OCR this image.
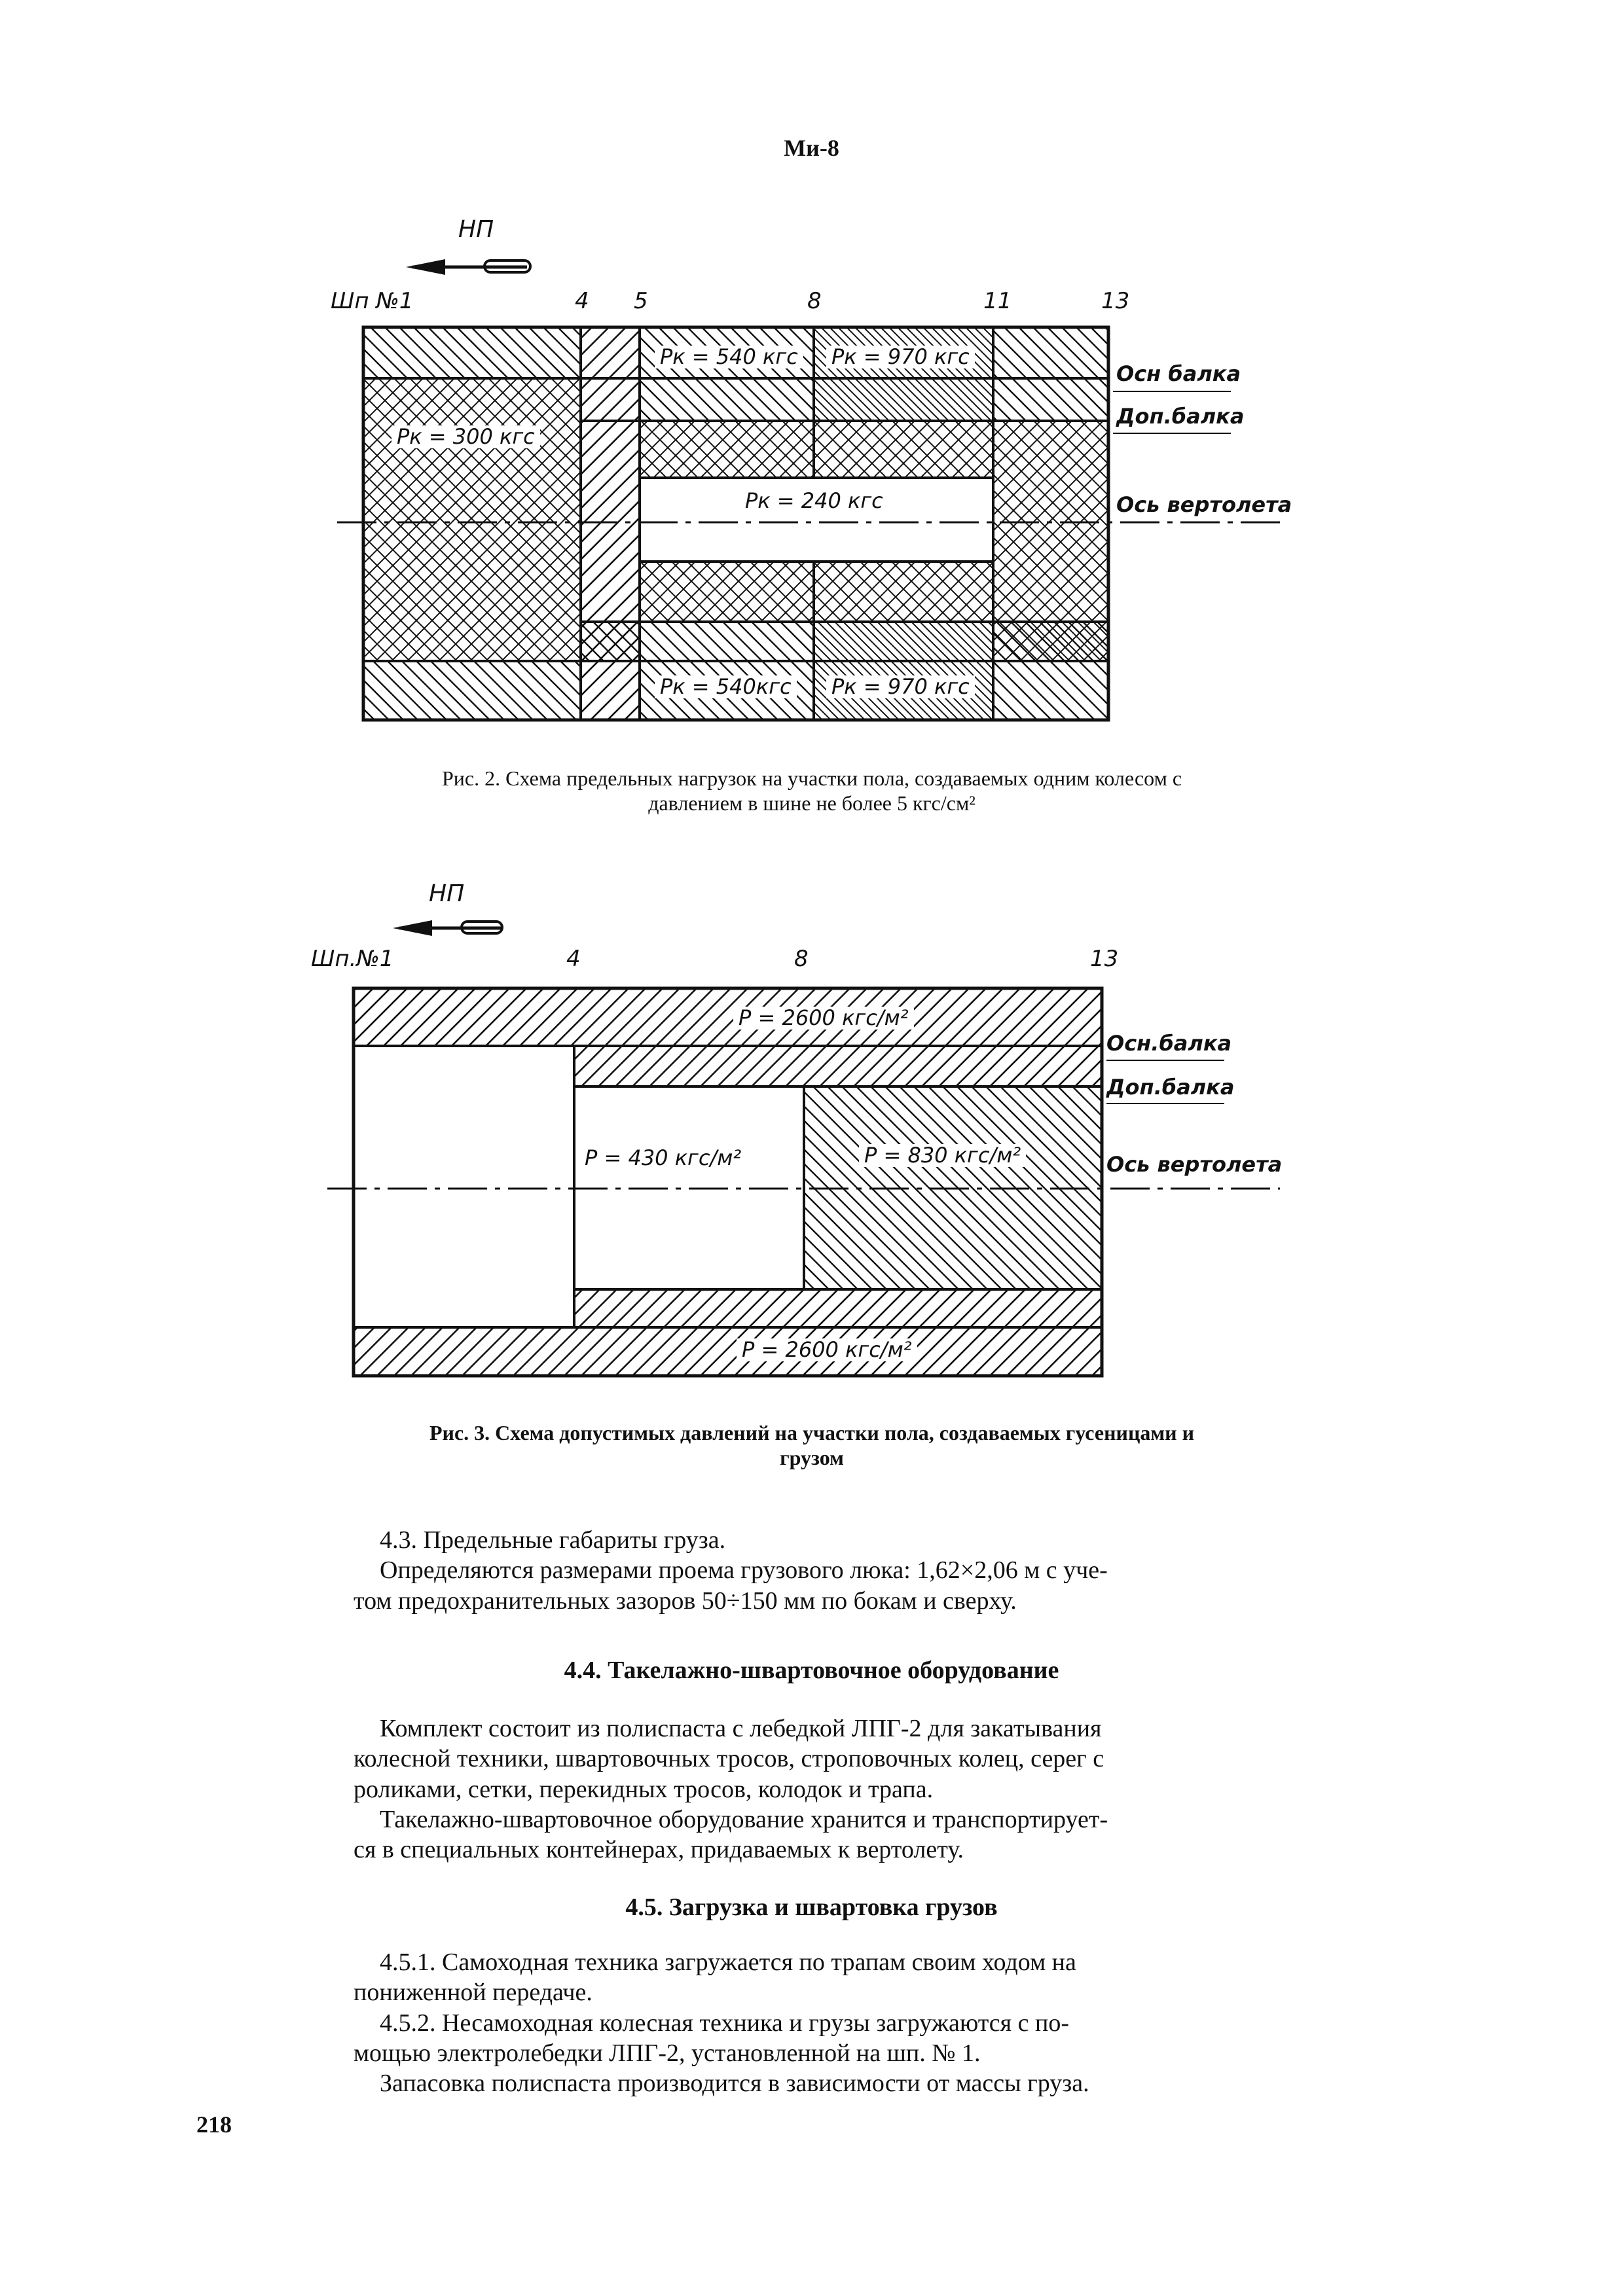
Ми-8
НП
Шп №1	4 5	8	11	13
Осн балка
Доп.балка
Ось вертолета
Pк = 540 кгс Pк = 970 кгс
Pк = 300 кгс
Pк = 240 кгс
Pк = 540кгс Pк = 970 кгс
Рис. 2. Схема предельных нагрузок на участки пола, создаваемых одним колесом с
давлением в шине не более 5 кгс/см²
НП
Шп.№1	4	8	13
Осн.балка
Доп.балка
Ось вертолета
P = 2600 кгс/м²
P = 430 кгс/м²	P = 830 кгс/м²
P = 2600 кгс/м²
Рис. 3. Схема допустимых давлений на участки пола, создаваемых гусеницами и
грузом
4.3. Предельные габариты груза.
Определяются размерами проема грузового люка: 1,62×2,06 м с уче-
том предохранительных зазоров 50÷150 мм по бокам и сверху.
4.4. Такелажно-швартовочное оборудование
Комплект состоит из полиспаста с лебедкой ЛПГ-2 для закатывания
колесной техники, швартовочных тросов, строповочных колец, серег с
роликами, сетки, перекидных тросов, колодок и трапа.
Такелажно-швартовочное оборудование хранится и транспортирует-
ся в специальных контейнерах, придаваемых к вертолету.
4.5. Загрузка и швартовка грузов
4.5.1. Самоходная техника загружается по трапам своим ходом на
пониженной передаче.
4.5.2. Несамоходная колесная техника и грузы загружаются с по-
мощью электролебедки ЛПГ-2, установленной на шп. № 1.
Запасовка полиспаста производится в зависимости от массы груза.
218
